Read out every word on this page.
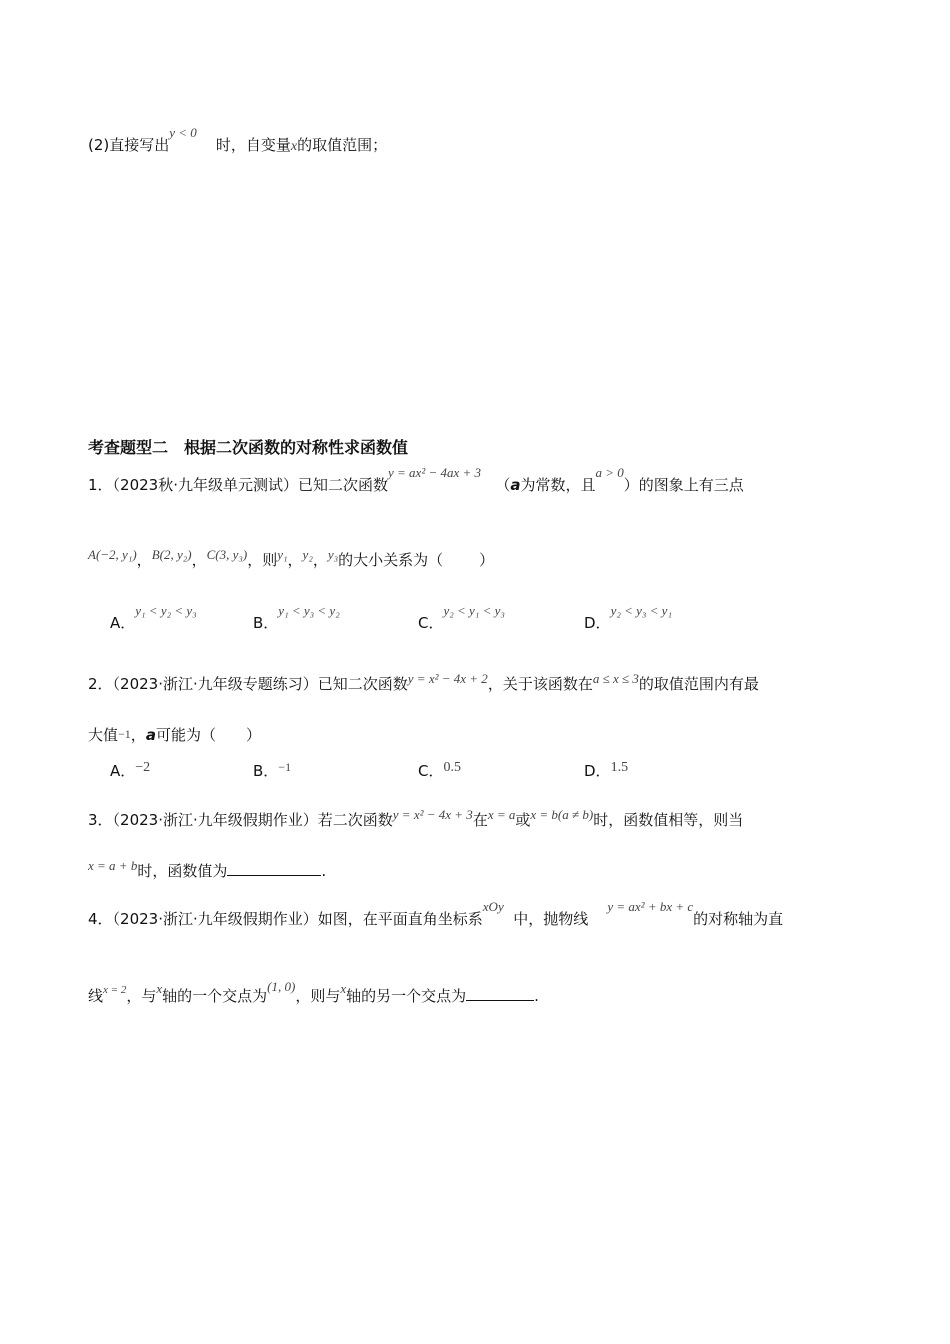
(2)直接写出y < 0    时，自变量x的取值范围；
考查题型二　根据二次函数的对称性求函数值
1．（2023秋·九年级单元测试）已知二次函数y = ax² − 4ax + 3   （a为常数，且a > 0）的图象上有三点
A(−2, y₁)，B(2, y₂)，C(3, y₃)，则y₁，y₂，y₃的大小关系为（ ）
A．y₁ < y₂ < y₃
B．y₁ < y₃ < y₂
C．y₂ < y₁ < y₃
D．y₂ < y₃ < y₁
2．（2023·浙江·九年级专题练习）已知二次函数y = x² − 4x + 2，关于该函数在a ≤ x ≤ 3的取值范围内有最
大值−1，a可能为（　　）
A．−2	B．$^{-1}$	C．0.5	D．1.5
3．（2023·浙江·九年级假期作业）若二次函数y = x² − 4x + 3在x = a或x = b(a ≠ b)时，函数值相等，则当
x = a + b时，函数值为	.
4．（2023·浙江·九年级假期作业）如图，在平面直角坐标系xOy  中，抛物线    y = ax² + bx + c的对称轴为直
线$^{x = 2}$，与x轴的一个交点为(1, 0)，则与x轴的另一个交点为	.
